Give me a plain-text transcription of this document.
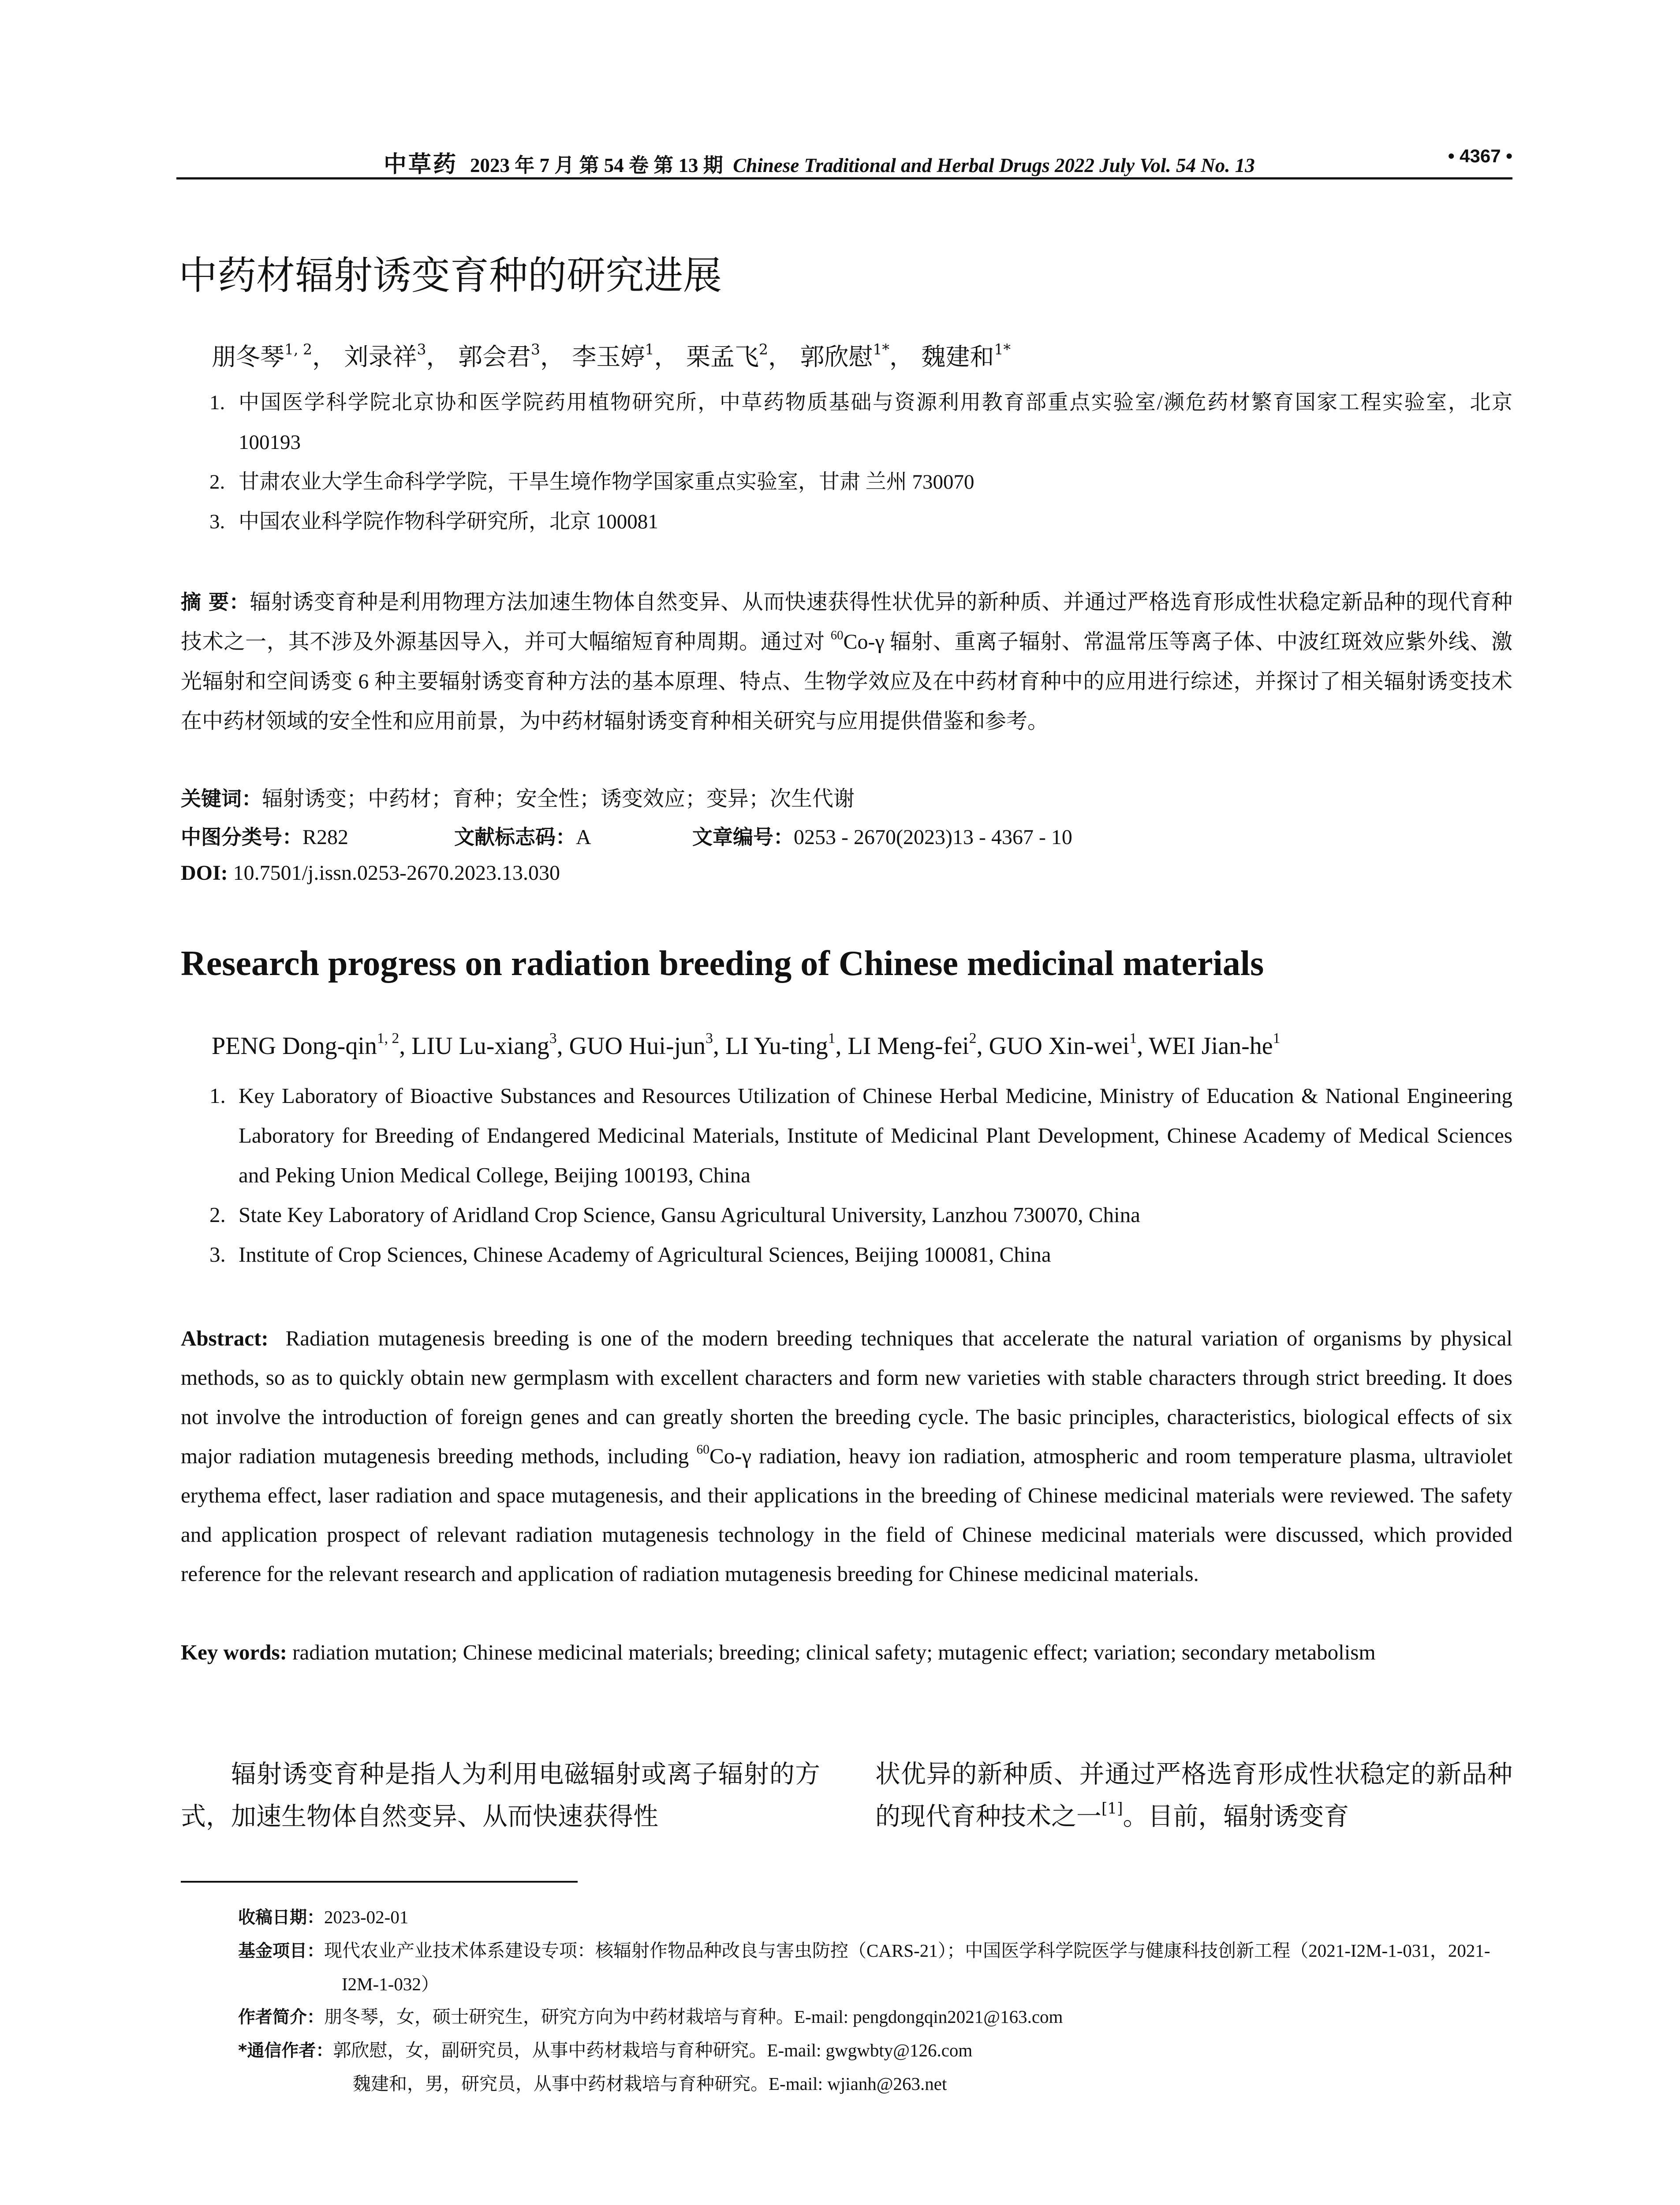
中草药 2023 年 7 月 第 54 卷 第 13 期 Chinese Traditional and Herbal Drugs 2022 July Vol. 54 No. 13	• 4367 •
中药材辐射诱变育种的研究进展
朋冬琴$^{1, 2}$， 刘录祥$^3$， 郭会君$^3$， 李玉婷$^1$， 栗孟飞$^2$， 郭欣慰$^{1*}$， 魏建和$^{1*}$
1. 中国医学科学院北京协和医学院药用植物研究所，中草药物质基础与资源利用教育部重点实验室/濒危药材繁育国家工程实验室，北京 100193
2. 甘肃农业大学生命科学学院，干旱生境作物学国家重点实验室，甘肃 兰州 730070
3. 中国农业科学院作物科学研究所，北京 100081
摘 要：辐射诱变育种是利用物理方法加速生物体自然变异、从而快速获得性状优异的新种质、并通过严格选育形成性状稳定新品种的现代育种技术之一，其不涉及外源基因导入，并可大幅缩短育种周期。通过对 $^{60}$Co-γ 辐射、重离子辐射、常温常压等离子体、中波红斑效应紫外线、激光辐射和空间诱变 6 种主要辐射诱变育种方法的基本原理、特点、生物学效应及在中药材育种中的应用进行综述，并探讨了相关辐射诱变技术在中药材领域的安全性和应用前景，为中药材辐射诱变育种相关研究与应用提供借鉴和参考。
关键词：辐射诱变；中药材；育种；安全性；诱变效应；变异；次生代谢
中图分类号：R282	文献标志码：A	文章编号：0253 - 2670(2023)13 - 4367 - 10
DOI: 10.7501/j.issn.0253-2670.2023.13.030
Research progress on radiation breeding of Chinese medicinal materials
PENG Dong-qin$^{1, 2}$, LIU Lu-xiang$^3$, GUO Hui-jun$^3$, LI Yu-ting$^1$, LI Meng-fei$^2$, GUO Xin-wei$^1$, WEI Jian-$he^1$
1. Key Laboratory of Bioactive Substances and Resources Utilization of Chinese Herbal Medicine, Ministry of Education & National Engineering Laboratory for Breeding of Endangered Medicinal Materials, Institute of Medicinal Plant Development, Chinese Academy of Medical Sciences and Peking Union Medical College, Beijing 100193, China
2. State Key Laboratory of Aridland Crop Science, Gansu Agricultural University, Lanzhou 730070, China
3. Institute of Crop Sciences, Chinese Academy of Agricultural Sciences, Beijing 100081, China
Abstract: Radiation mutagenesis breeding is one of the modern breeding techniques that accelerate the natural variation of organisms by physical methods, so as to quickly obtain new germplasm with excellent characters and form new varieties with stable characters through strict breeding. It does not involve the introduction of foreign genes and can greatly shorten the breeding cycle. The basic principles, characteristics, biological effects of six major radiation mutagenesis breeding methods, including $^{60}$Co-γ radiation, heavy ion radiation, atmospheric and room temperature plasma, ultraviolet erythema effect, laser radiation and space mutagenesis, and their applications in the breeding of Chinese medicinal materials were reviewed. The safety and application prospect of relevant radiation mutagenesis technology in the field of Chinese medicinal materials were discussed, which provided reference for the relevant research and application of radiation mutagenesis breeding for Chinese medicinal materials.
Key words: radiation mutation; Chinese medicinal materials; breeding; clinical safety; mutagenic effect; variation; secondary metabolism
辐射诱变育种是指人为利用电磁辐射或离子辐射的方式，加速生物体自然变异、从而快速获得性
状优异的新种质、并通过严格选育形成性状稳定的新品种的现代育种技术之一[1]。目前，辐射诱变育
收稿日期：2023-02-01
基金项目：现代农业产业技术体系建设专项：核辐射作物品种改良与害虫防控（CARS-21）；中国医学科学院医学与健康科技创新工程（2021-I2M-1-031，2021-I2M-1-032）
作者简介：朋冬琴，女，硕士研究生，研究方向为中药材栽培与育种。E-mail: pengdongqin2021@163.com
*通信作者：郭欣慰，女，副研究员，从事中药材栽培与育种研究。E-mail: gwgwbty@126.com
魏建和，男，研究员，从事中药材栽培与育种研究。E-mail: wjianh@263.net
